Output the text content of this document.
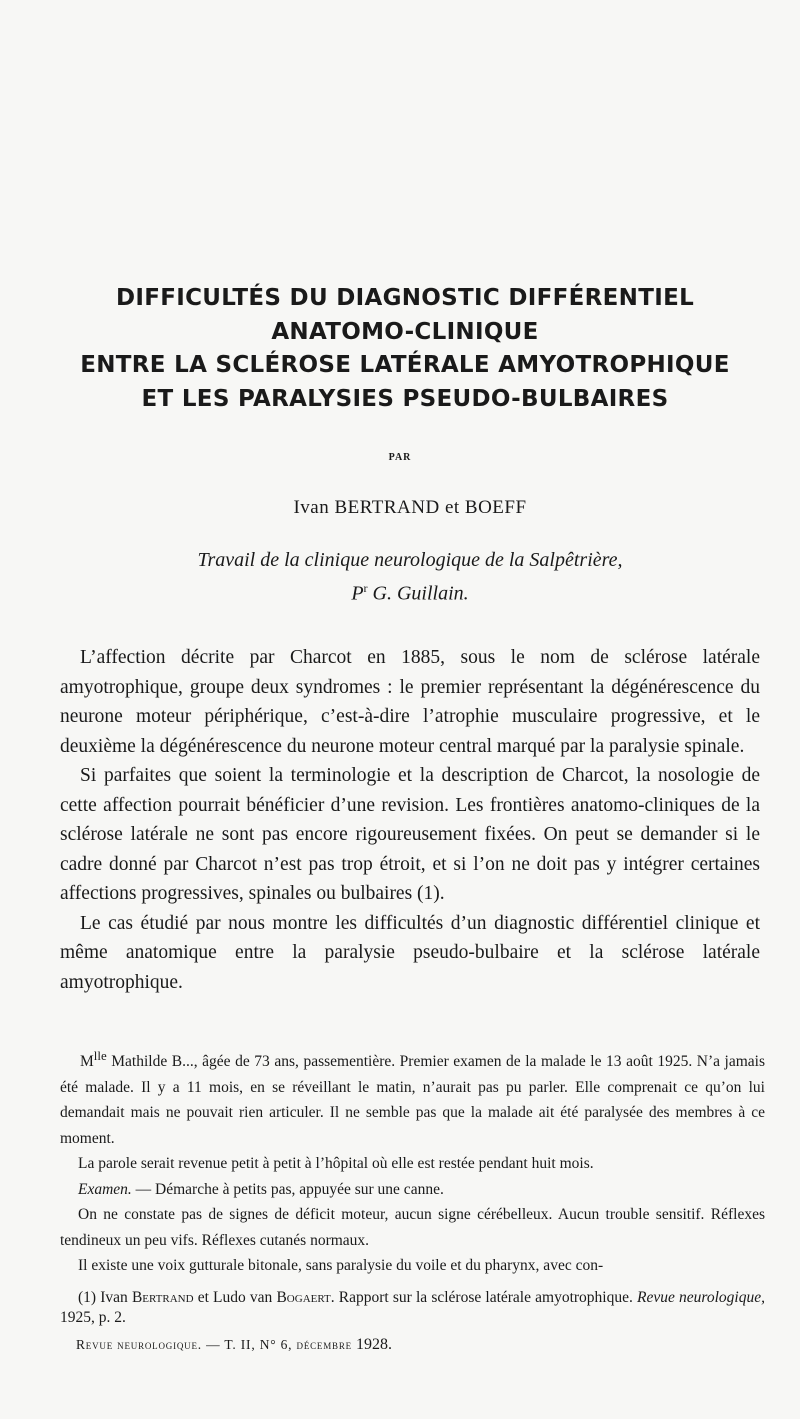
DIFFICULTÉS DU DIAGNOSTIC DIFFÉRENTIEL
ANATOMO-CLINIQUE
ENTRE LA SCLÉROSE LATÉRALE AMYOTROPHIQUE
ET LES PARALYSIES PSEUDO-BULBAIRES
PAR
Ivan BERTRAND et BOEFF
Travail de la clinique neurologique de la Salpêtrière,
$P^r$ G. Guillain.

L’affection décrite par Charcot en 1885, sous le nom de sclérose latérale amyotrophique, groupe deux syndromes : le premier représentant la dégénérescence du neurone moteur périphérique, c’est-à-dire l’atrophie musculaire progressive, et le deuxième la dégénérescence du neurone moteur central marqué par la paralysie spinale.

Si parfaites que soient la terminologie et la description de Charcot, la nosologie de cette affection pourrait bénéficier d’une revision. Les frontières anatomo-cliniques de la sclérose latérale ne sont pas encore rigoureusement fixées. On peut se demander si le cadre donné par Charcot n’est pas trop étroit, et si l’on ne doit pas y intégrer certaines affections progressives, spinales ou bulbaires (1).

Le cas étudié par nous montre les difficultés d’un diagnostic différentiel clinique et même anatomique entre la paralysie pseudo-bulbaire et la sclérose latérale amyotrophique.

$M^{lle}$ Mathilde B..., âgée de 73 ans, passementière. Premier examen de la malade le 13 août 1925. N’a jamais été malade. Il y a 11 mois, en se réveillant le matin, n’aurait pas pu parler. Elle comprenait ce qu’on lui demandait mais ne pouvait rien articuler. Il ne semble pas que la malade ait été paralysée des membres à ce moment.

La parole serait revenue petit à petit à l’hôpital où elle est restée pendant huit mois.

Examen. — Démarche à petits pas, appuyée sur une canne.

On ne constate pas de signes de déficit moteur, aucun signe cérébelleux. Aucun trouble sensitif. Réflexes tendineux un peu vifs. Réflexes cutanés normaux.

Il existe une voix gutturale bitonale, sans paralysie du voile et du pharynx, avec con-

(1) Ivan Bertrand et Ludo van Bogaert. Rapport sur la sclérose latérale amyotrophique. Revue neurologique, 1925, p. 2.

Revue neurologique. — T. II, N° 6, décembre 1928.
